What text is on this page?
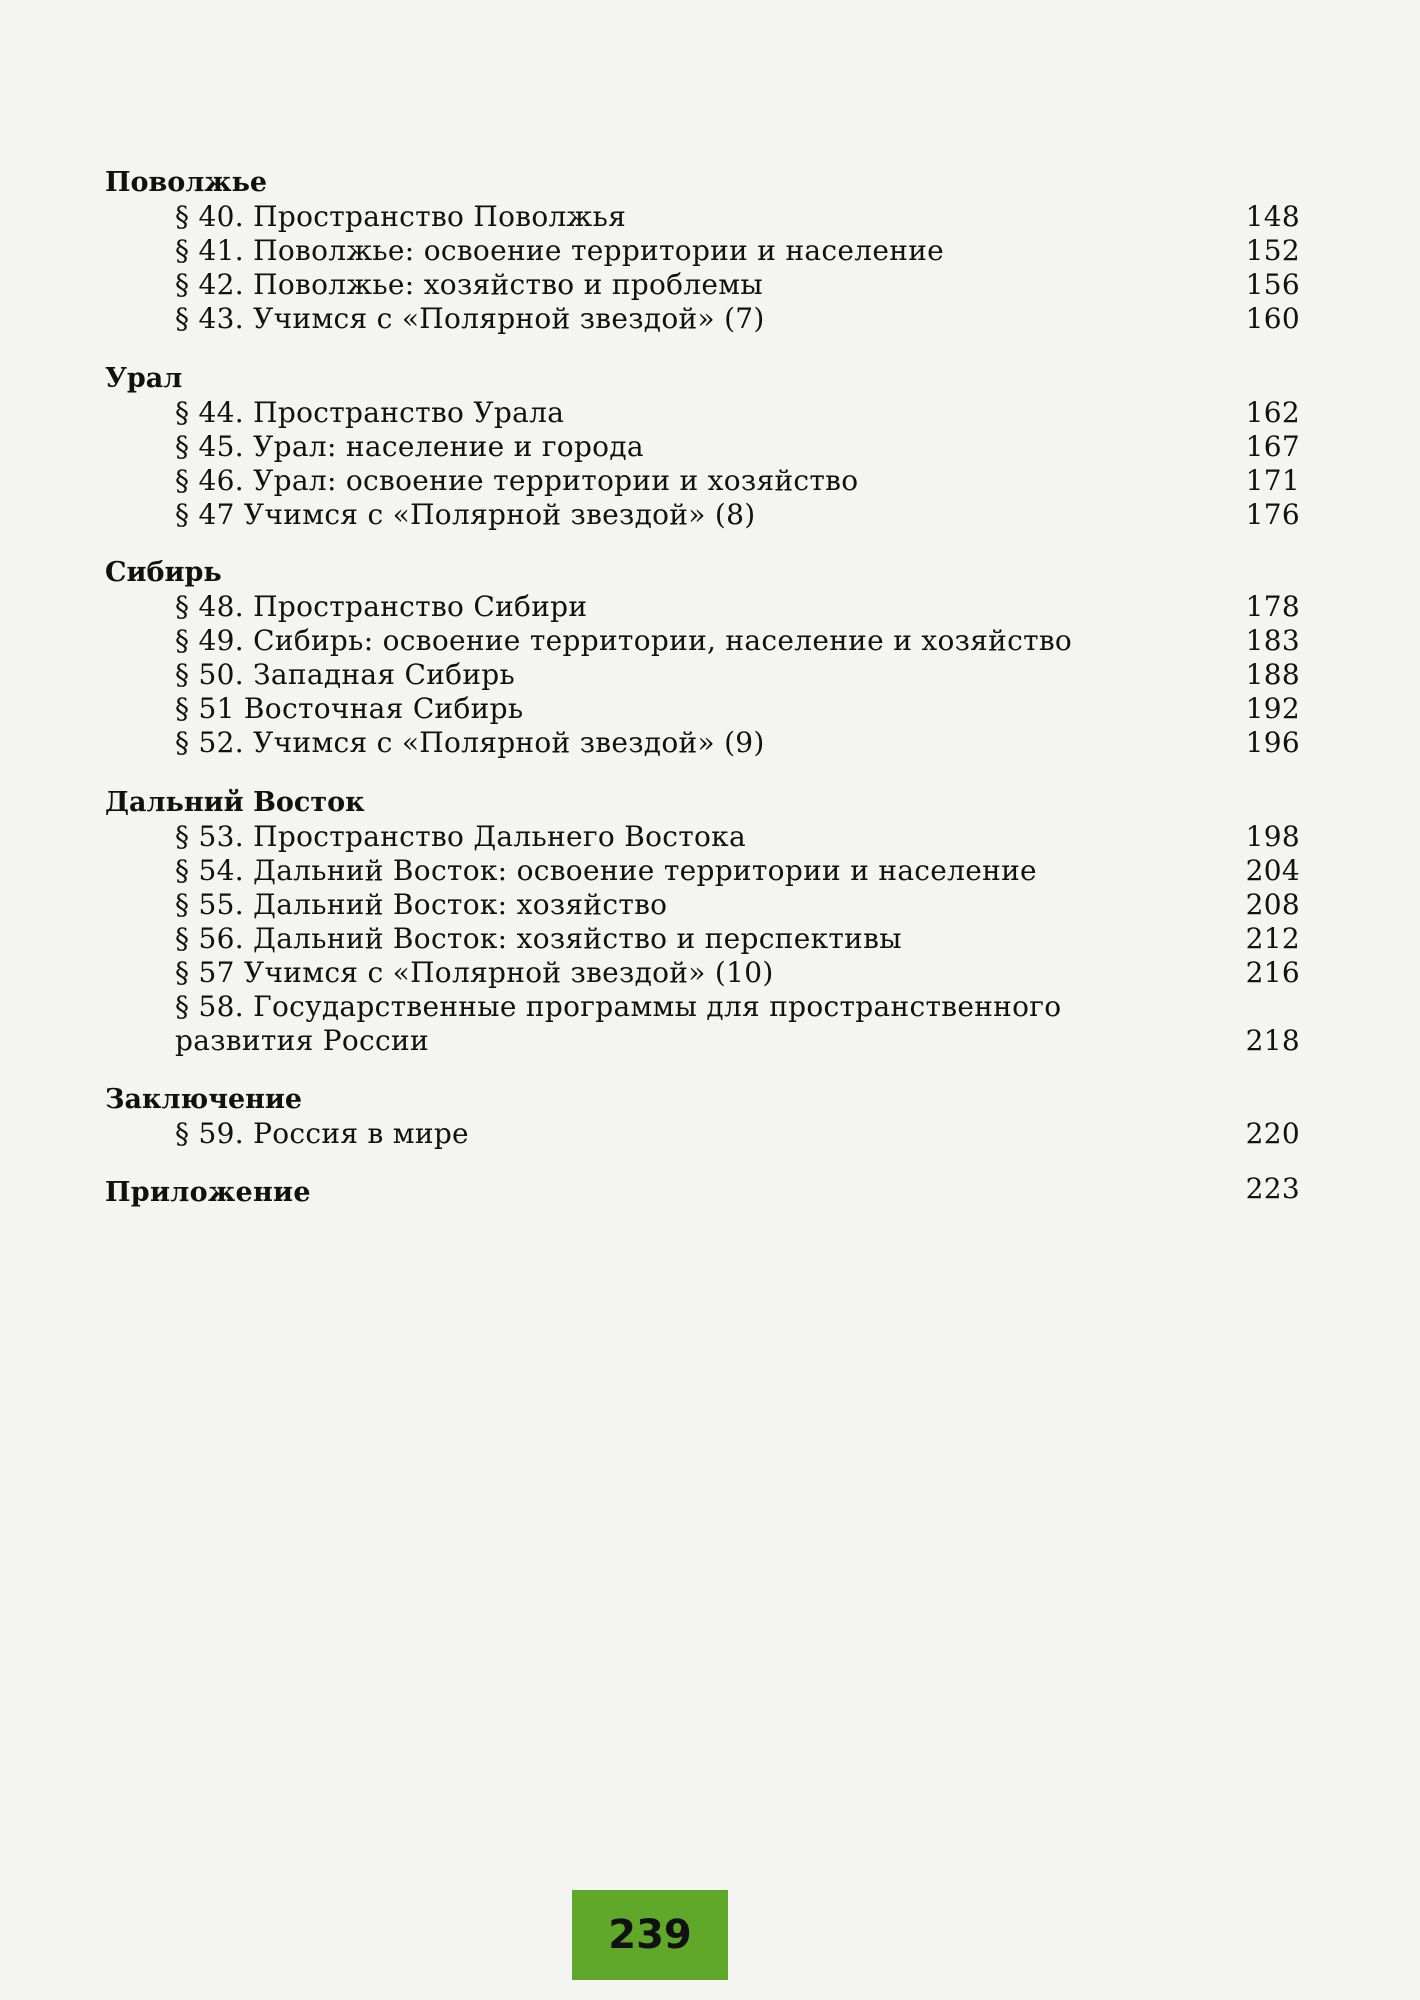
Поволжье
§ 40. Пространство Поволжья	148
§ 41. Поволжье: освоение территории и население	152
§ 42. Поволжье: хозяйство и проблемы	156
§ 43. Учимся с «Полярной звездой» (7)	160
Урал
§ 44. Пространство Урала	162
§ 45. Урал: население и города	167
§ 46. Урал: освоение территории и хозяйство	171
§ 47 Учимся с «Полярной звездой» (8)	176
Сибирь
§ 48. Пространство Сибири	178
§ 49. Сибирь: освоение территории, население и хозяйство	183
§ 50. Западная Сибирь	188
§ 51 Восточная Сибирь	192
§ 52. Учимся с «Полярной звездой» (9)	196
Дальний Восток
§ 53. Пространство Дальнего Востока	198
§ 54. Дальний Восток: освоение территории и население	204
§ 55. Дальний Восток: хозяйство	208
§ 56. Дальний Восток: хозяйство и перспективы	212
§ 57 Учимся с «Полярной звездой» (10)	216
§ 58. Государственные программы для пространственного развития России	218
Заключение
§ 59. Россия в мире	220
Приложение	223
239
